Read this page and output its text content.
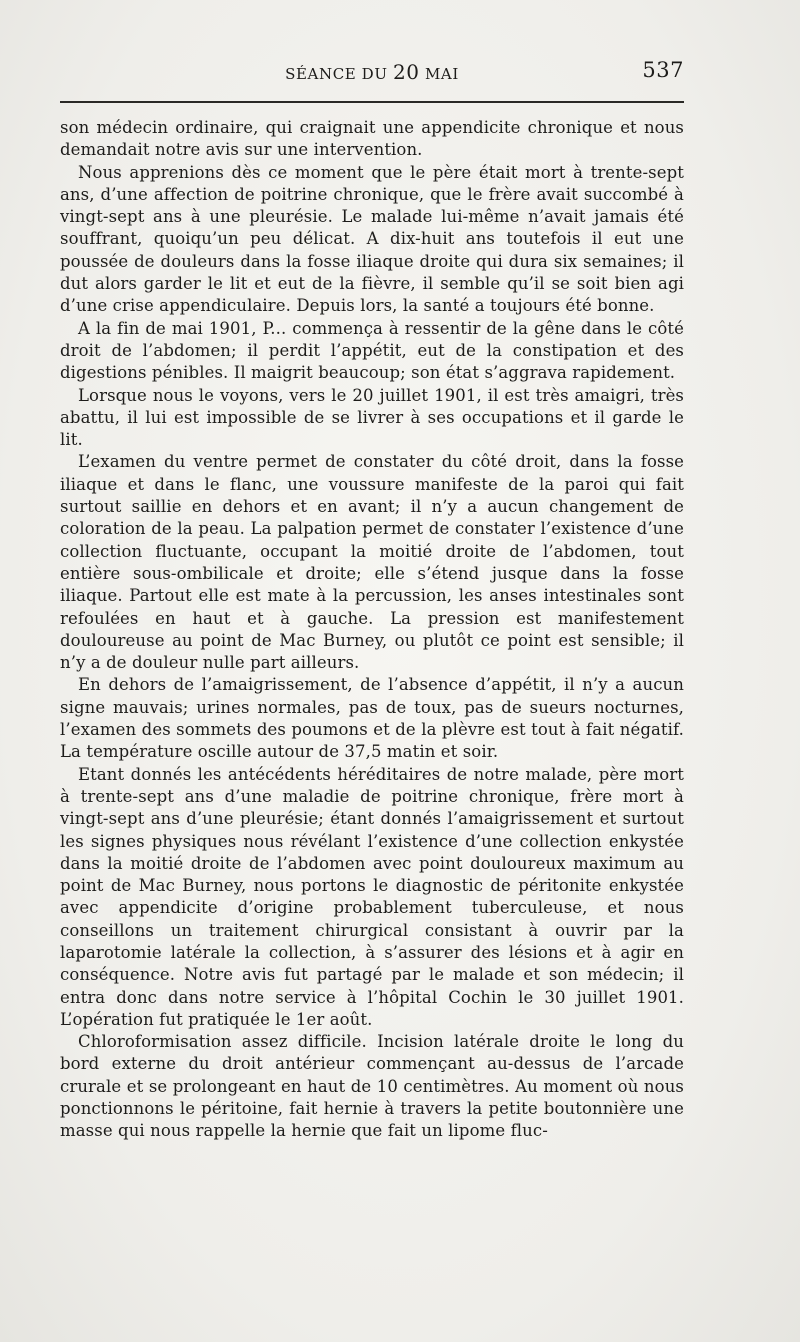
SÉANCE DU 20 MAI	537

son médecin ordinaire, qui craignait une appendicite chronique et nous demandait notre avis sur une intervention.

Nous apprenions dès ce moment que le père était mort à trente-sept ans, d’une affection de poitrine chronique, que le frère avait succombé à vingt-sept ans à une pleurésie. Le malade lui-même n’avait jamais été souffrant, quoiqu’un peu délicat. A dix-huit ans toutefois il eut une poussée de douleurs dans la fosse iliaque droite qui dura six semaines; il dut alors garder le lit et eut de la fièvre, il semble qu’il se soit bien agi d’une crise appendiculaire. Depuis lors, la santé a toujours été bonne.

A la fin de mai 1901, P... commença à ressentir de la gêne dans le côté droit de l’abdomen; il perdit l’appétit, eut de la constipation et des digestions pénibles. Il maigrit beaucoup; son état s’aggrava rapidement.

Lorsque nous le voyons, vers le 20 juillet 1901, il est très amaigri, très abattu, il lui est impossible de se livrer à ses occupations et il garde le lit.

L’examen du ventre permet de constater du côté droit, dans la fosse iliaque et dans le flanc, une voussure manifeste de la paroi qui fait surtout saillie en dehors et en avant; il n’y a aucun changement de coloration de la peau. La palpation permet de constater l’existence d’une collection fluctuante, occupant la moitié droite de l’abdomen, tout entière sous-ombilicale et droite; elle s’étend jusque dans la fosse iliaque. Partout elle est mate à la percussion, les anses intestinales sont refoulées en haut et à gauche. La pression est manifestement douloureuse au point de Mac Burney, ou plutôt ce point est sensible; il n’y a de douleur nulle part ailleurs.

En dehors de l’amaigrissement, de l’absence d’appétit, il n’y a aucun signe mauvais; urines normales, pas de toux, pas de sueurs nocturnes, l’examen des sommets des poumons et de la plèvre est tout à fait négatif. La température oscille autour de 37,5 matin et soir.

Etant donnés les antécédents héréditaires de notre malade, père mort à trente-sept ans d’une maladie de poitrine chronique, frère mort à vingt-sept ans d’une pleurésie; étant donnés l’amaigrissement et surtout les signes physiques nous révélant l’existence d’une collection enkystée dans la moitié droite de l’abdomen avec point douloureux maximum au point de Mac Burney, nous portons le diagnostic de péritonite enkystée avec appendicite d’origine probablement tuberculeuse, et nous conseillons un traitement chirurgical consistant à ouvrir par la laparotomie latérale la collection, à s’assurer des lésions et à agir en conséquence. Notre avis fut partagé par le malade et son médecin; il entra donc dans notre service à l’hôpital Cochin le 30 juillet 1901. L’opération fut pratiquée le 1er août.

Chloroformisation assez difficile. Incision latérale droite le long du bord externe du droit antérieur commençant au-dessus de l’arcade crurale et se prolongeant en haut de 10 centimètres. Au moment où nous ponctionnons le péritoine, fait hernie à travers la petite boutonnière une masse qui nous rappelle la hernie que fait un lipome fluc-
